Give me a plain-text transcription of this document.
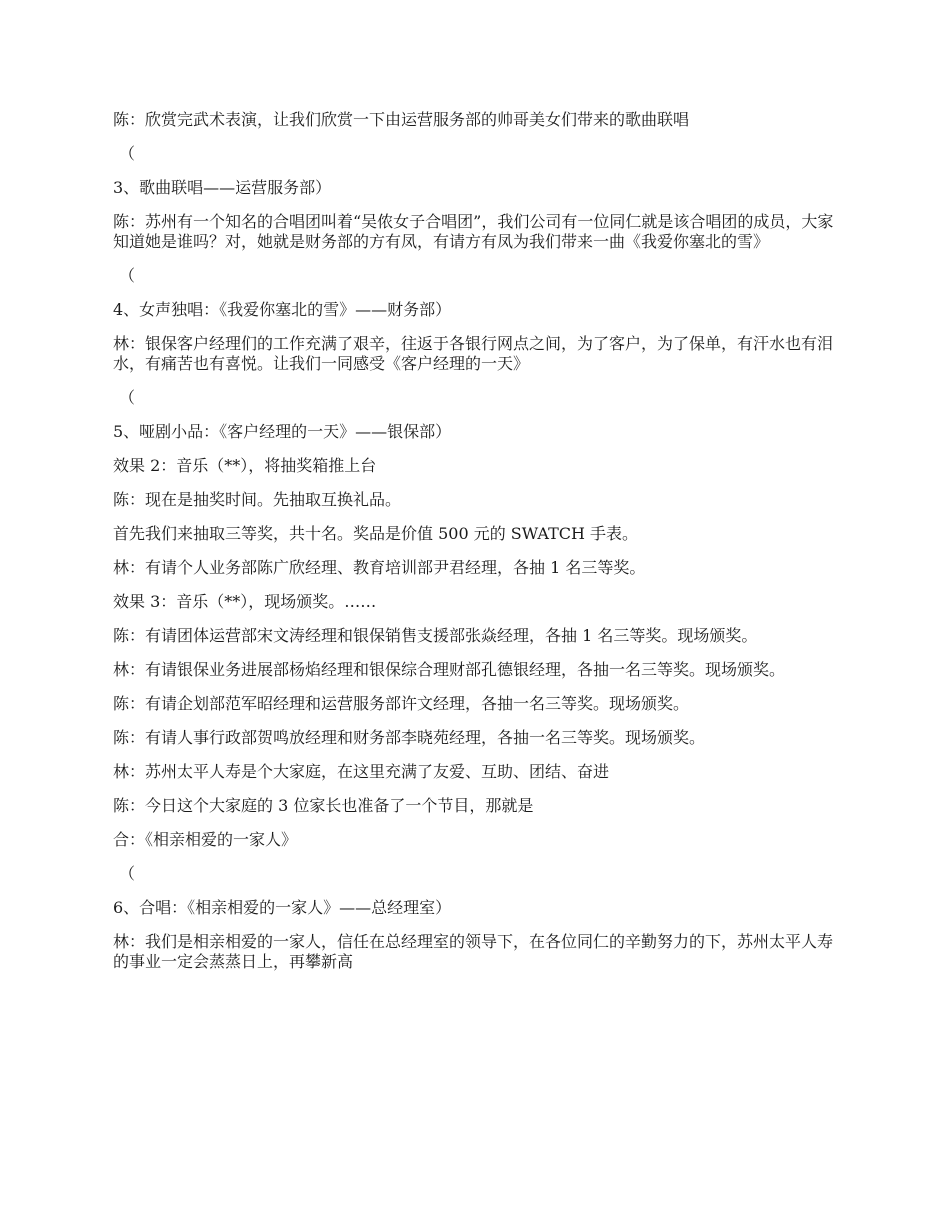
陈：欣赏完武术表演，让我们欣赏一下由运营服务部的帅哥美女们带来的歌曲联唱

（

3、歌曲联唱——运营服务部）

陈：苏州有一个知名的合唱团叫着“吴侬女子合唱团”，我们公司有一位同仁就是该合唱团的成员，大家知道她是谁吗？对，她就是财务部的方有凤，有请方有凤为我们带来一曲《我爱你塞北的雪》

（

4、女声独唱：《我爱你塞北的雪》——财务部）

林：银保客户经理们的工作充满了艰辛，往返于各银行网点之间，为了客户，为了保单，有汗水也有泪水，有痛苦也有喜悦。让我们一同感受《客户经理的一天》

（

5、哑剧小品：《客户经理的一天》——银保部）

效果 2：音乐（**），将抽奖箱推上台

陈：现在是抽奖时间。先抽取互换礼品。

首先我们来抽取三等奖，共十名。奖品是价值 500 元的 SWATCH 手表。

林：有请个人业务部陈广欣经理、教育培训部尹君经理，各抽 1 名三等奖。

效果 3：音乐（**），现场颁奖。……

陈：有请团体运营部宋文涛经理和银保销售支援部张焱经理，各抽 1 名三等奖。现场颁奖。

林：有请银保业务进展部杨焰经理和银保综合理财部孔德银经理，各抽一名三等奖。现场颁奖。

陈：有请企划部范军昭经理和运营服务部许文经理，各抽一名三等奖。现场颁奖。

陈：有请人事行政部贺鸣放经理和财务部李晓苑经理，各抽一名三等奖。现场颁奖。

林：苏州太平人寿是个大家庭，在这里充满了友爱、互助、团结、奋进

陈：今日这个大家庭的 3 位家长也准备了一个节目，那就是

合：《相亲相爱的一家人》

（

6、合唱：《相亲相爱的一家人》——总经理室）

林：我们是相亲相爱的一家人，信任在总经理室的领导下，在各位同仁的辛勤努力的下，苏州太平人寿的事业一定会蒸蒸日上，再攀新高
